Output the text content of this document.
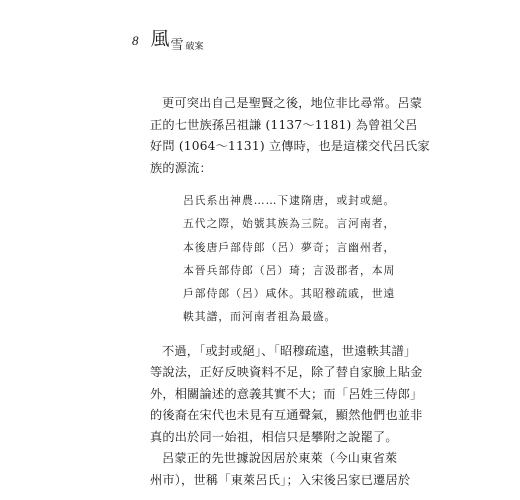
8 風 雪 破案

更可突出自己是聖賢之後，地位非比尋常。呂蒙
正的七世族孫呂祖謙 (1137～1181) 為曾祖父呂
好問 (1064～1131) 立傳時，也是這樣交代呂氏家
族的源流：

呂氏系出神農……下逮隋唐，或封或絕。
五代之際，始號其族為三院。言河南者，
本後唐戶部侍郎（呂）夢奇；言幽州者，
本晉兵部侍郎（呂）琦；言汲郡者，本周
戶部侍郎（呂）咸休。其昭穆疏戚，世遠
軼其譜，而河南者祖為最盛。

不過，「或封或絕」、「昭穆疏遠，世遠軼其譜」
等說法，正好反映資料不足，除了替自家臉上貼金
外，相關論述的意義其實不大；而「呂姓三侍郎」
的後裔在宋代也未見有互通聲氣，顯然他們也並非
真的出於同一始祖，相信只是攀附之說罷了。

呂蒙正的先世據說因居於東萊（今山東省萊
州市），世稱「東萊呂氏」；入宋後呂家已遷居於
